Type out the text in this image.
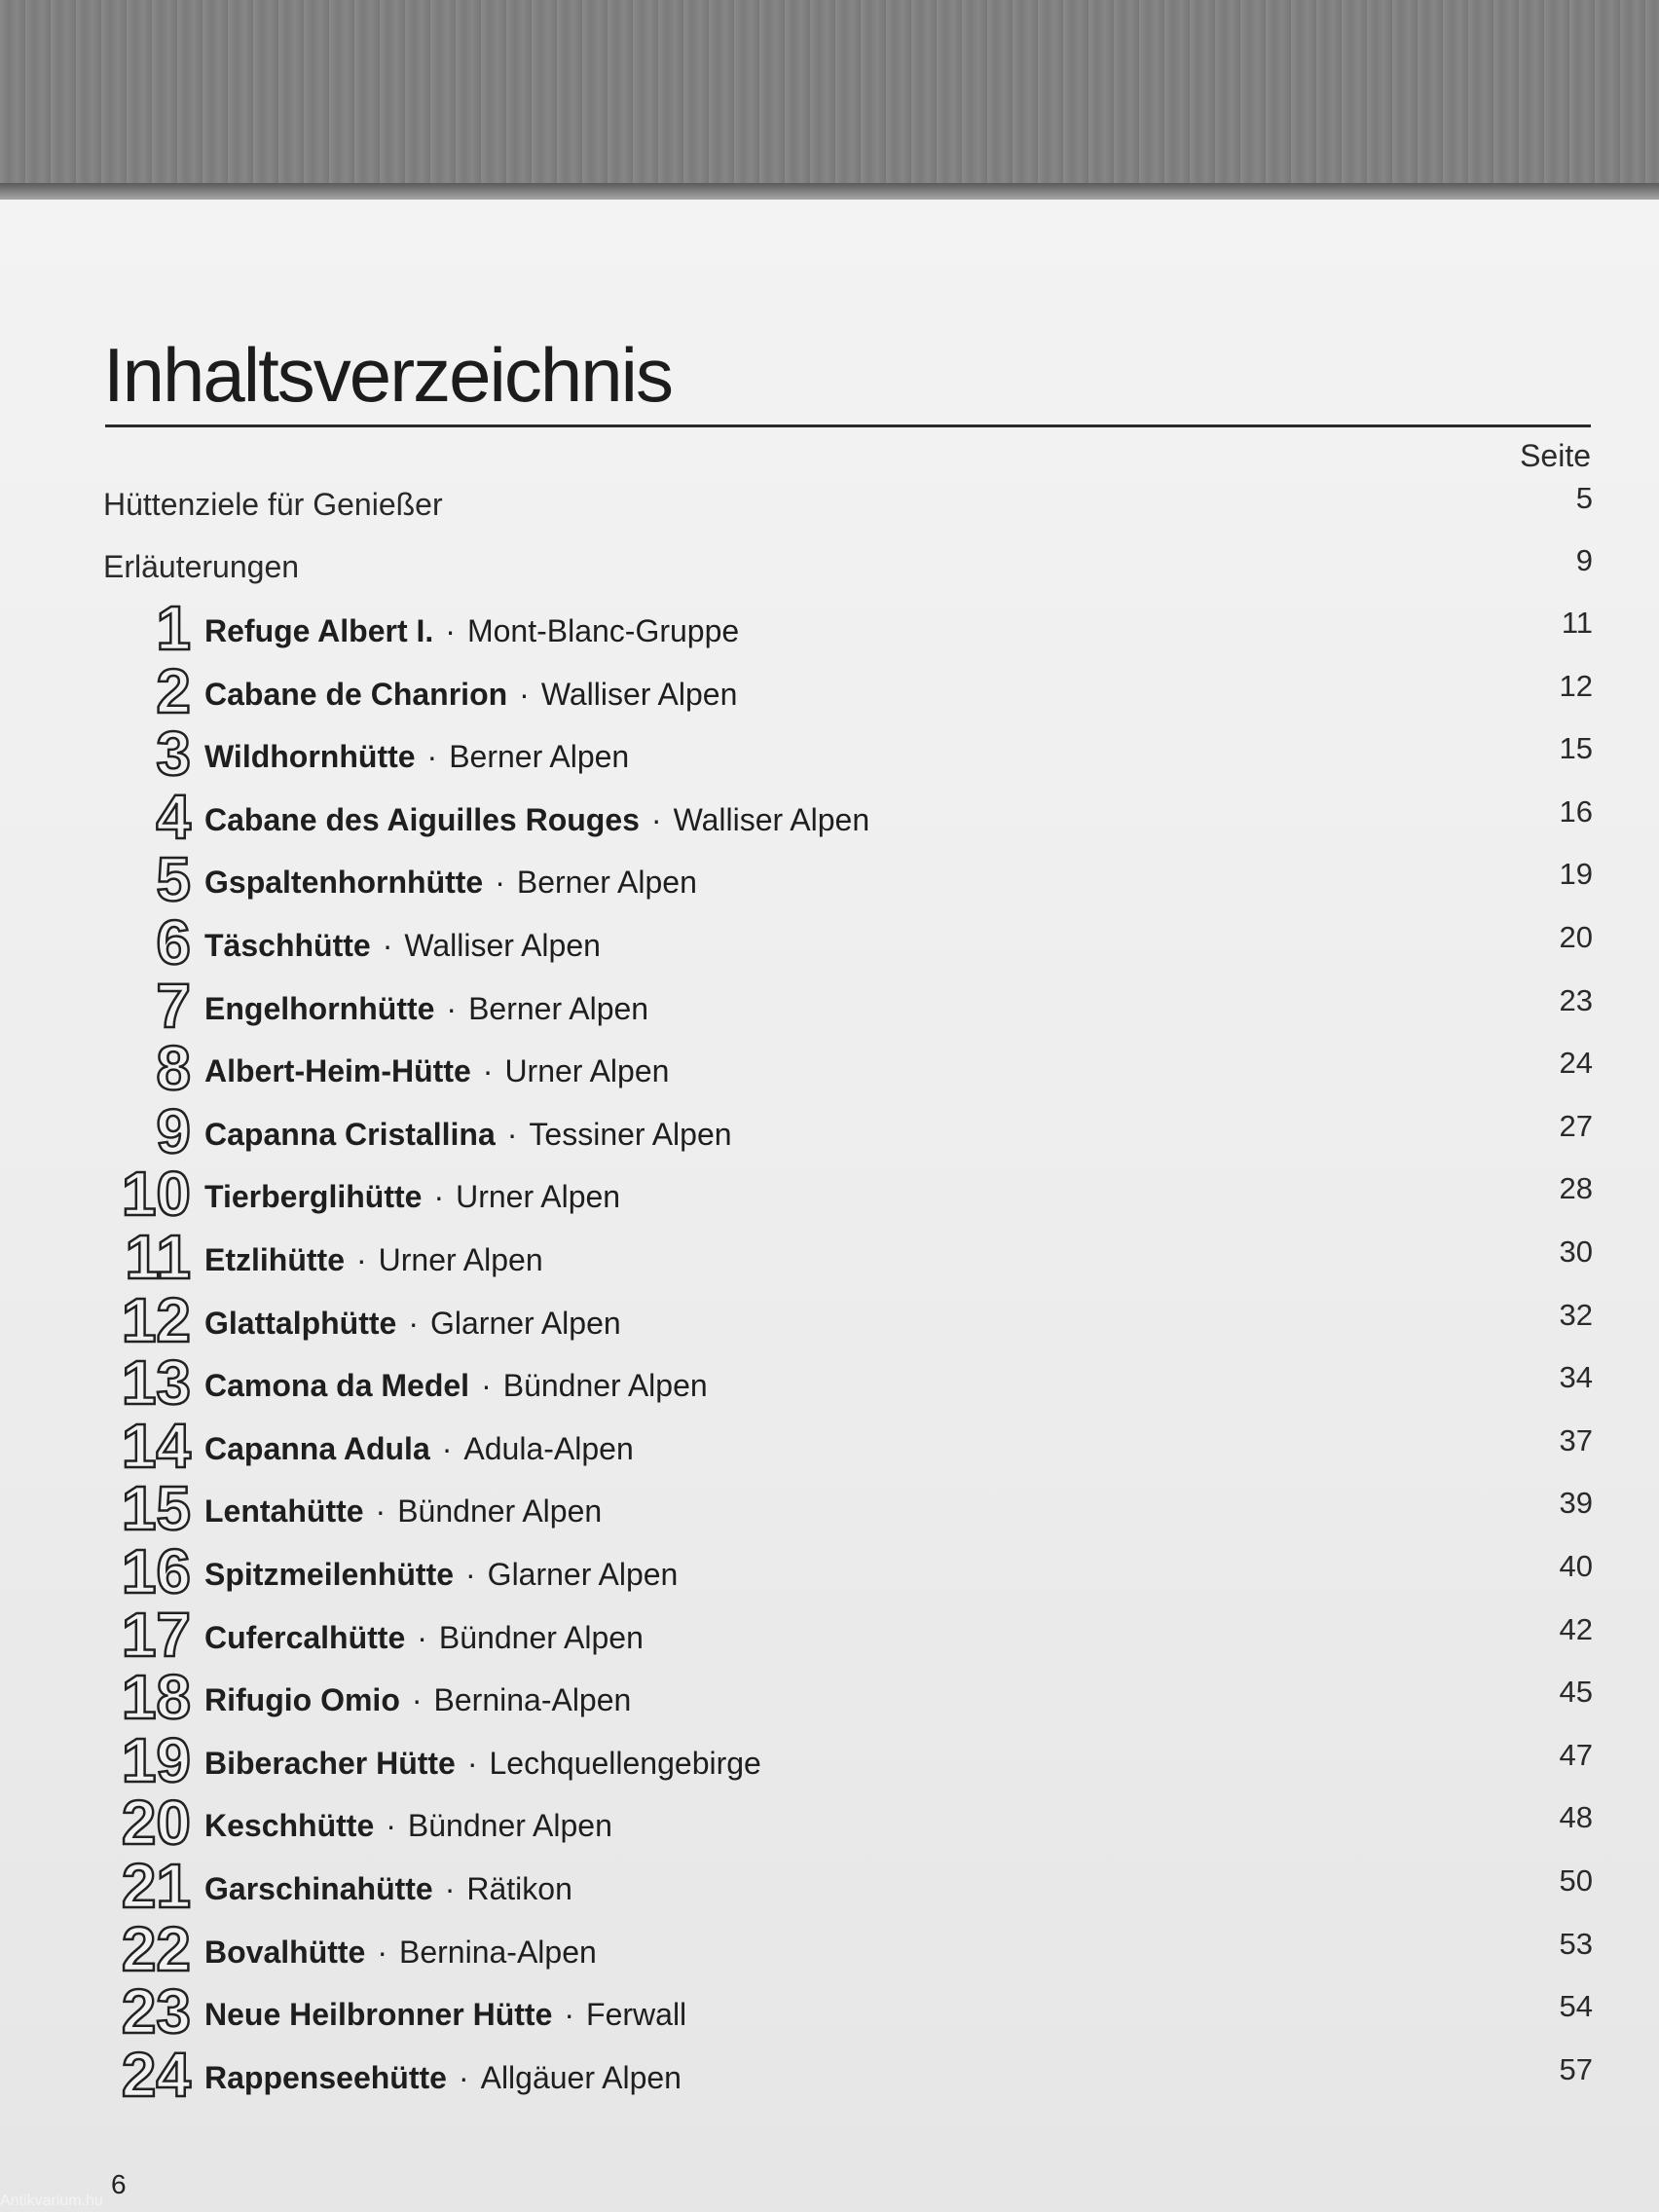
Inhaltsverzeichnis
Seite
Hüttenziele für Genießer	5
Erläuterungen	9
1 Refuge Albert I. · Mont-Blanc-Gruppe	11
2 Cabane de Chanrion · Walliser Alpen	12
3 Wildhornhütte · Berner Alpen	15
4 Cabane des Aiguilles Rouges · Walliser Alpen	16
5 Gspaltenhornhütte · Berner Alpen	19
6 Täschhütte · Walliser Alpen	20
7 Engelhornhütte · Berner Alpen	23
8 Albert-Heim-Hütte · Urner Alpen	24
9 Capanna Cristallina · Tessiner Alpen	27
10 Tierberglihütte · Urner Alpen	28
11 Etzlihütte · Urner Alpen	30
12 Glattalphütte · Glarner Alpen	32
13 Camona da Medel · Bündner Alpen	34
14 Capanna Adula · Adula-Alpen	37
15 Lentahütte · Bündner Alpen	39
16 Spitzmeilenhütte · Glarner Alpen	40
17 Cufercalhütte · Bündner Alpen	42
18 Rifugio Omio · Bernina-Alpen	45
19 Biberacher Hütte · Lechquellengebirge	47
20 Keschhütte · Bündner Alpen	48
21 Garschinahütte · Rätikon	50
22 Bovalhütte · Bernina-Alpen	53
23 Neue Heilbronner Hütte · Ferwall	54
24 Rappenseehütte · Allgäuer Alpen	57
6
Antikvarium.hu
